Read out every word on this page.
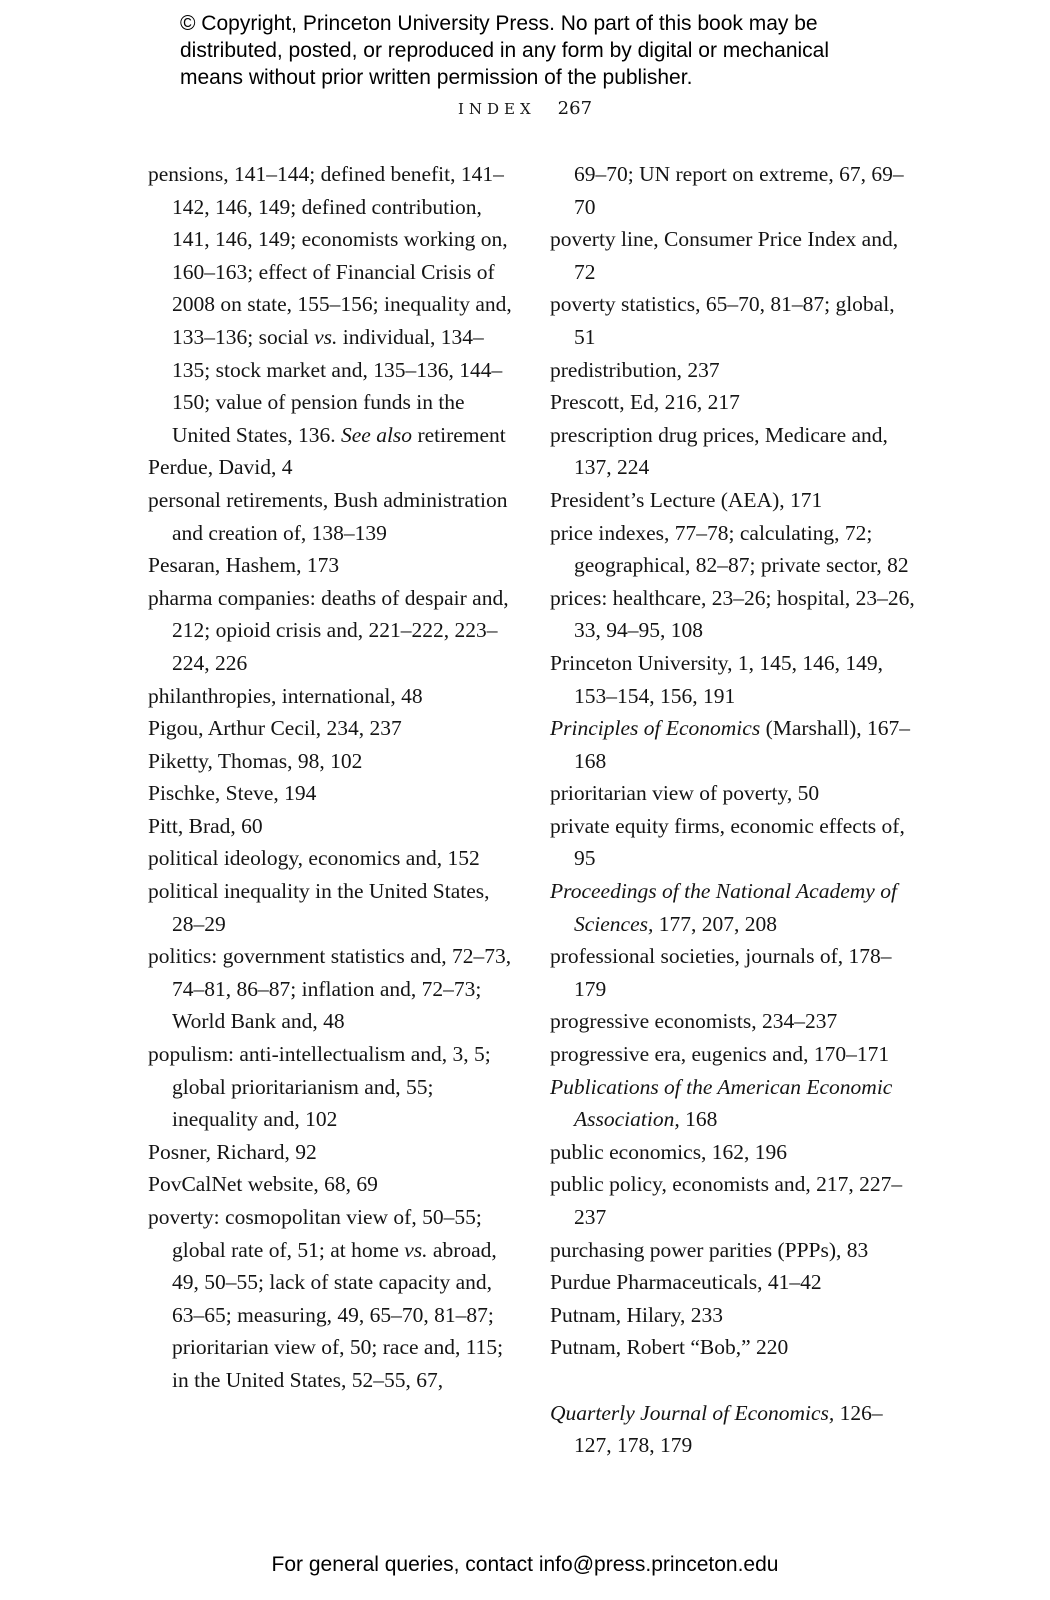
© Copyright, Princeton University Press. No part of this book may be
distributed, posted, or reproduced in any form by digital or mechanical
means without prior written permission of the publisher.
INDEX 267

pensions, 141–144; defined benefit, 141–142, 146, 149; defined contribution, 141, 146, 149; economists working on, 160–163; effect of Financial Crisis of 2008 on state, 155–156; inequality and, 133–136; social vs. individual, 134–135; stock market and, 135–136, 144–150; value of pension funds in the United States, 136. See also retirement

Perdue, David, 4

personal retirements, Bush administration and creation of, 138–139

Pesaran, Hashem, 173

pharma companies: deaths of despair and, 212; opioid crisis and, 221–222, 223–224, 226

philanthropies, international, 48

Pigou, Arthur Cecil, 234, 237

Piketty, Thomas, 98, 102

Pischke, Steve, 194

Pitt, Brad, 60

political ideology, economics and, 152

political inequality in the United States, 28–29

politics: government statistics and, 72–73, 74–81, 86–87; inflation and, 72–73; World Bank and, 48

populism: anti-intellectualism and, 3, 5; global prioritarianism and, 55; inequality and, 102

Posner, Richard, 92

PovCalNet website, 68, 69

poverty: cosmopolitan view of, 50–55; global rate of, 51; at home vs. abroad, 49, 50–55; lack of state capacity and, 63–65; measuring, 49, 65–70, 81–87; prioritarian view of, 50; race and, 115; in the United States, 52–55, 67,

69–70; UN report on extreme, 67, 69–70

poverty line, Consumer Price Index and, 72

poverty statistics, 65–70, 81–87; global, 51

predistribution, 237

Prescott, Ed, 216, 217

prescription drug prices, Medicare and, 137, 224

President’s Lecture (AEA), 171

price indexes, 77–78; calculating, 72; geographical, 82–87; private sector, 82

prices: healthcare, 23–26; hospital, 23–26, 33, 94–95, 108

Princeton University, 1, 145, 146, 149, 153–154, 156, 191

Principles of Economics (Marshall), 167–168

prioritarian view of poverty, 50

private equity firms, economic effects of, 95

Proceedings of the National Academy of Sciences, 177, 207, 208

professional societies, journals of, 178–179

progressive economists, 234–237

progressive era, eugenics and, 170–171

Publications of the American Economic Association, 168

public economics, 162, 196

public policy, economists and, 217, 227–237

purchasing power parities (PPPs), 83

Purdue Pharmaceuticals, 41–42

Putnam, Hilary, 233

Putnam, Robert “Bob,” 220

Quarterly Journal of Economics, 126–127, 178, 179

For general queries, contact info@press.princeton.edu
